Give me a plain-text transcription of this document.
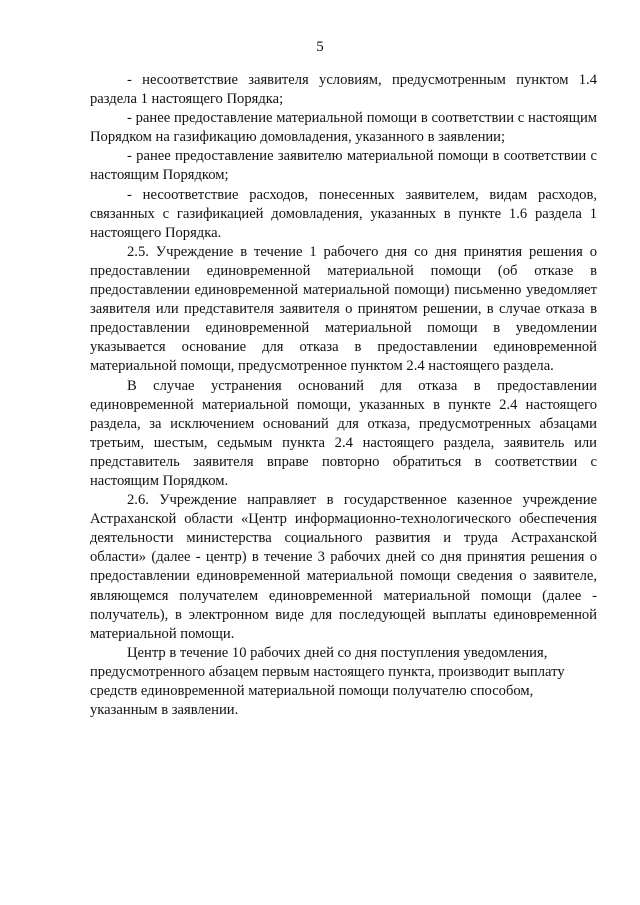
5

- несоответствие заявителя условиям, предусмотренным пунктом 1.4 раздела 1 настоящего Порядка;

- ранее предоставление материальной помощи в соответствии с настоящим Порядком на газификацию домовладения, указанного в заявлении;

- ранее предоставление заявителю материальной помощи в соответствии с настоящим Порядком;

- несоответствие расходов, понесенных заявителем, видам расходов, связанных с газификацией домовладения, указанных в пункте 1.6 раздела 1 настоящего Порядка.

2.5. Учреждение в течение 1 рабочего дня со дня принятия решения о предоставлении единовременной материальной помощи (об отказе в предоставлении единовременной материальной помощи) письменно уведомляет заявителя или представителя заявителя о принятом решении, в случае отказа в предоставлении единовременной материальной помощи в уведомлении указывается основание для отказа в предоставлении единовременной материальной помощи, предусмотренное пунктом 2.4 настоящего раздела.

В случае устранения оснований для отказа в предоставлении единовременной материальной помощи, указанных в пункте 2.4 настоящего раздела, за исключением оснований для отказа, предусмотренных абзацами третьим, шестым, седьмым пункта 2.4 настоящего раздела, заявитель или представитель заявителя вправе повторно обратиться в соответствии с настоящим Порядком.

2.6. Учреждение направляет в государственное казенное учреждение Астраханской области «Центр информационно-технологического обеспечения деятельности министерства социального развития и труда Астраханской области» (далее - центр) в течение 3 рабочих дней со дня принятия решения о предоставлении единовременной материальной помощи сведения о заявителе, являющемся получателем единовременной материальной помощи (далее - получатель), в электронном виде для последующей выплаты единовременной материальной помощи.

Центр в течение 10 рабочих дней со дня поступления уведомления, предусмотренного абзацем первым настоящего пункта, производит выплату средств единовременной материальной помощи получателю способом, указанным в заявлении.
